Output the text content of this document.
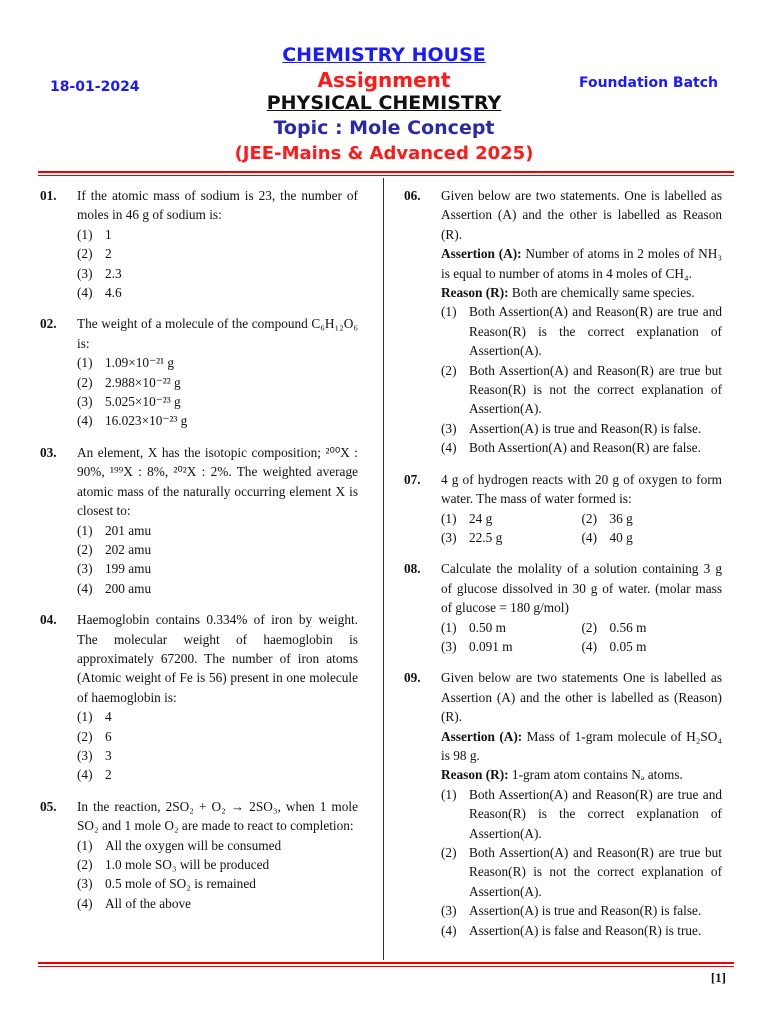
CHEMISTRY HOUSE
18-01-2024	Assignment	Foundation Batch
PHYSICAL CHEMISTRY
Topic : Mole Concept
(JEE-Mains & Advanced 2025)
01. If the atomic mass of sodium is 23, the number of moles in 46 g of sodium is:
(1) 1
(2) 2
(3) 2.3
(4) 4.6
02. The weight of a molecule of the compound C₆H₁₂O₆ is:
(1) 1.09×10⁻²¹ g
(2) 2.988×10⁻²² g
(3) 5.025×10⁻²³ g
(4) 16.023×10⁻²³ g
03. An element, X has the isotopic composition; ²⁰⁰X : 90%, ¹⁹⁹X : 8%, ²⁰²X : 2%. The weighted average atomic mass of the naturally occurring element X is closest to:
(1) 201 amu
(2) 202 amu
(3) 199 amu
(4) 200 amu
04. Haemoglobin contains 0.334% of iron by weight. The molecular weight of haemoglobin is approximately 67200. The number of iron atoms (Atomic weight of Fe is 56) present in one molecule of haemoglobin is:
(1) 4
(2) 6
(3) 3
(4) 2
05. In the reaction, 2SO₂ + O₂ → 2SO₃, when 1 mole SO₂ and 1 mole O₂ are made to react to completion:
(1) All the oxygen will be consumed
(2) 1.0 mole SO₃ will be produced
(3) 0.5 mole of SO₂ is remained
(4) All of the above
06. Given below are two statements. One is labelled as Assertion (A) and the other is labelled as Reason (R).
Assertion (A): Number of atoms in 2 moles of NH₃ is equal to number of atoms in 4 moles of CH₄.
Reason (R): Both are chemically same species.
(1) Both Assertion(A) and Reason(R) are true and Reason(R) is the correct explanation of Assertion(A).
(2) Both Assertion(A) and Reason(R) are true but Reason(R) is not the correct explanation of Assertion(A).
(3) Assertion(A) is true and Reason(R) is false.
(4) Both Assertion(A) and Reason(R) are false.
07. 4 g of hydrogen reacts with 20 g of oxygen to form water. The mass of water formed is:
(1) 24 g	(2) 36 g
(3) 22.5 g	(4) 40 g
08. Calculate the molality of a solution containing 3 g of glucose dissolved in 30 g of water. (molar mass of glucose = 180 g/mol)
(1) 0.50 m	(2) 0.56 m
(3) 0.091 m	(4) 0.05 m
09. Given below are two statements One is labelled as Assertion (A) and the other is labelled as (Reason) (R).
Assertion (A): Mass of 1-gram molecule of H₂SO₄ is 98 g.
Reason (R): 1-gram atom contains Nₐ atoms.
(1) Both Assertion(A) and Reason(R) are true and Reason(R) is the correct explanation of Assertion(A).
(2) Both Assertion(A) and Reason(R) are true but Reason(R) is not the correct explanation of Assertion(A).
(3) Assertion(A) is true and Reason(R) is false.
(4) Assertion(A) is false and Reason(R) is true.
[1]
